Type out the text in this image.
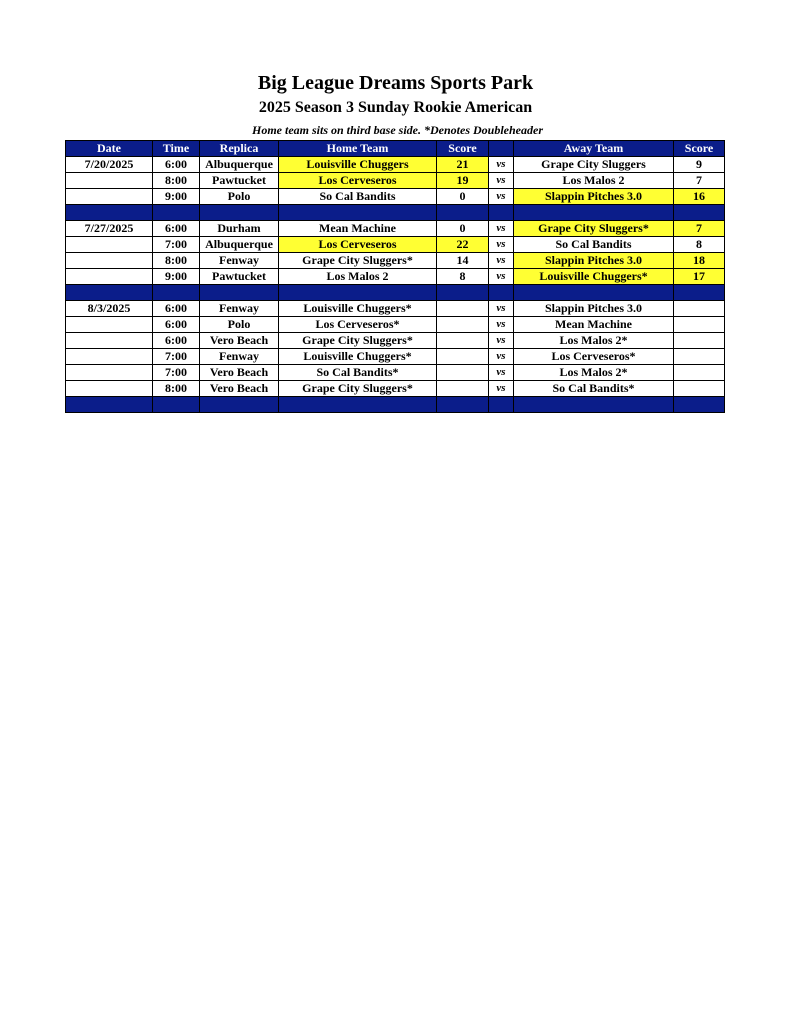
Big League Dreams Sports Park
2025 Season 3 Sunday Rookie American
Home team sits on third base side. *Denotes Doubleheader
Date	Time	Replica	Home Team	Score		Away Team	Score
7/20/2025	6:00	Albuquerque	Louisville Chuggers	21	vs	Grape City Sluggers	9
	8:00	Pawtucket	Los Cerveseros	19	vs	Los Malos 2	7
	9:00	Polo	So Cal Bandits	0	vs	Slappin Pitches 3.0	16

7/27/2025	6:00	Durham	Mean Machine	0	vs	Grape City Sluggers*	7
	7:00	Albuquerque	Los Cerveseros	22	vs	So Cal Bandits	8
	8:00	Fenway	Grape City Sluggers*	14	vs	Slappin Pitches 3.0	18
	9:00	Pawtucket	Los Malos 2	8	vs	Louisville Chuggers*	17

8/3/2025	6:00	Fenway	Louisville Chuggers*		vs	Slappin Pitches 3.0	
	6:00	Polo	Los Cerveseros*		vs	Mean Machine	
	6:00	Vero Beach	Grape City Sluggers*		vs	Los Malos 2*	
	7:00	Fenway	Louisville Chuggers*		vs	Los Cerveseros*	
	7:00	Vero Beach	So Cal Bandits*		vs	Los Malos 2*	
	8:00	Vero Beach	Grape City Sluggers*		vs	So Cal Bandits*	
